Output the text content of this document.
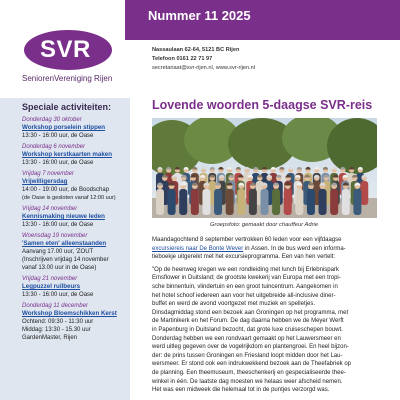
Nummer 11 2025
SVR
SeniorenVereniging Rijen
Nassaulaan 62-64, 5121 BC Rijen
Telefoon 0161 22 71 97
secretariaat@svr-rijen.nl, www.svr-rijen.nl
Speciale activiteiten:
Donderdag 30 oktober
Workshop porselein stippen
13:30 - 16:00 uur, de Oase
Donderdag 6 november
Workshop kerstkaarten maken
13:30 - 16:00 uur, de Oase
Vrijdag 7 november
Vrijwilligersdag
14:00 - 19:00 uur, de Boodschap
(de Oase is gesloten vanaf 12:00 uur)
Vrijdag 14 november
Kennismaking nieuwe leden
13:30 - 16:00 uur, de Oase
Woensdag 19 november
'Samen eten' alleenstaanden
Aanvang 17.00 uur, 'ZOUT
(Inschrijven vrijdag 14 november
vanaf 13.00 uur in de Oase)
Vrijdag 21 november
Legpuzzel ruilbeurs
13:30 - 16:00 uur, de Oase
Donderdag 11 december
Workshop Bloemschikken Kerst
Ochtend: 09:30 - 11:30 uur
Middag: 13:30 - 15.30 uur
GardenMaster, Rijen
Lovende woorden 5-daagse SVR-reis
Groepsfoto: gemaakt door chauffeur Adrie

Maandagochtend 8 september vertrokken 60 leden voor een vijfdaagse
excursiereis naar De Bonte Wever in Assen. In de bus werd een informa-
tieboekje uitgereikt met het excursieprogramma. Een van hen vertelt:

"Op de heenweg kregen we een rondleiding met lunch bij Erlebnispark
Emsflower in Duitsland; de grootste kwekerij van Europa met een tropi-
sche binnentuin, vlindertuin en een groot tuincentrum. Aangekomen in
het hotel schoof iedereen aan voor het uitgebreide all-inclusive diner-
buffet en werd de avond voortgezet met muziek en spelletjes.
Dinsdagmiddag stond een bezoek aan Groningen op het programma, met
de Martinikerk en het Forum. De dag daarna hebben we de Meyer Werft
in Papenburg in Duitsland bezocht, dat grote luxe cruiseschepen bouwt.
Donderdag hebben we een rondvaart gemaakt op het Lauwersmeer en
werd uitleg gegeven over de vogelrijkdom en plantengroei. En heel bijzon-
der: de prins tussen Groningen en Friesland loopt midden door het Lau-
wersmeer. Er stond ook een indrukwekkend bezoek aan de Theefabriek op
de planning. Een theemuseum, theeschenkerij en gespecialiseerde thee-
winkel in één. De laatste dag moesten we helaas weer afscheid nemen.
Het was een midweek die helemaal tot in de puntjes verzorgd was.
